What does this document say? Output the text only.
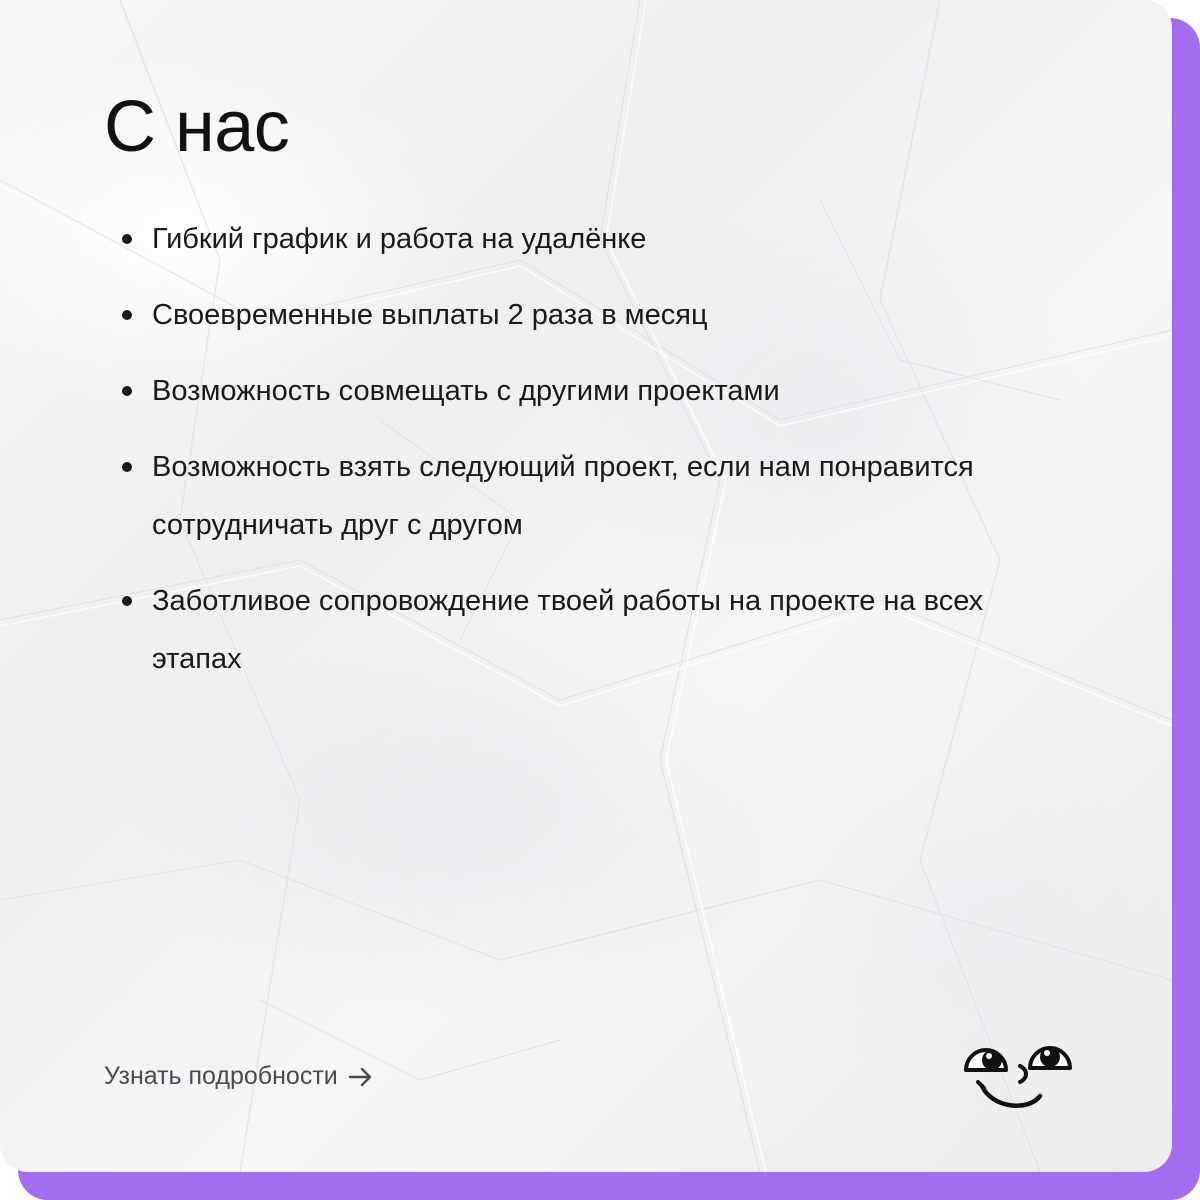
С нас
Гибкий график и работа на удалёнке
Своевременные выплаты 2 раза в месяц
Возможность совмещать с другими проектами
Возможность взять следующий проект, если нам понравится сотрудничать друг с другом
Заботливое сопровождение твоей работы на проекте на всех этапах
Узнать подробности
